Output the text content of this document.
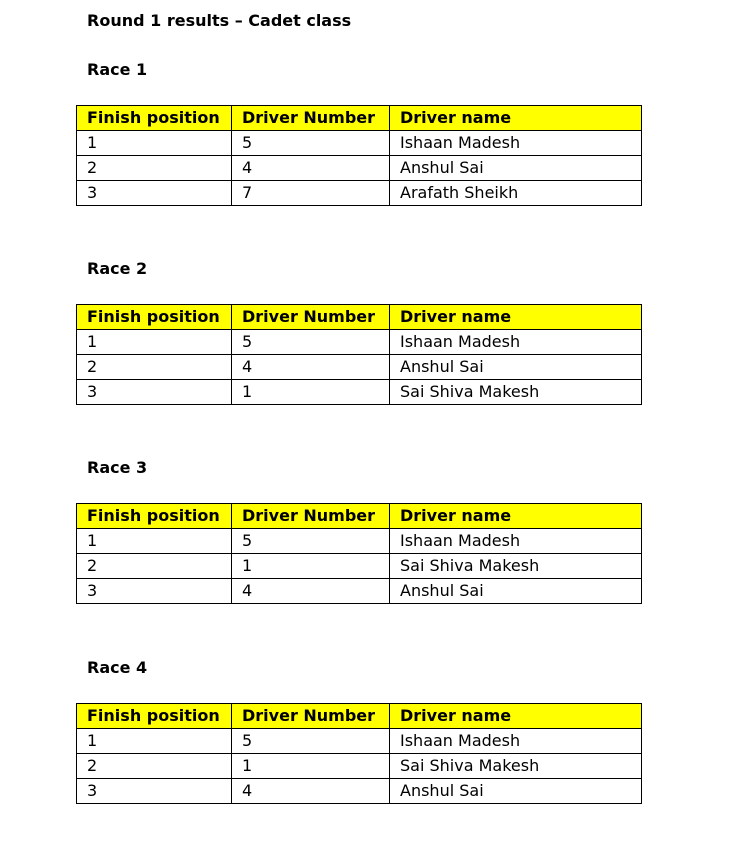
Round 1 results – Cadet class
Race 1
Finish position	Driver Number	Driver name
1	5	Ishaan Madesh
2	4	Anshul Sai
3	7	Arafath Sheikh
Race 2
Finish position	Driver Number	Driver name
1	5	Ishaan Madesh
2	4	Anshul Sai
3	1	Sai Shiva Makesh
Race 3
Finish position	Driver Number	Driver name
1	5	Ishaan Madesh
2	1	Sai Shiva Makesh
3	4	Anshul Sai
Race 4
Finish position	Driver Number	Driver name
1	5	Ishaan Madesh
2	1	Sai Shiva Makesh
3	4	Anshul Sai
